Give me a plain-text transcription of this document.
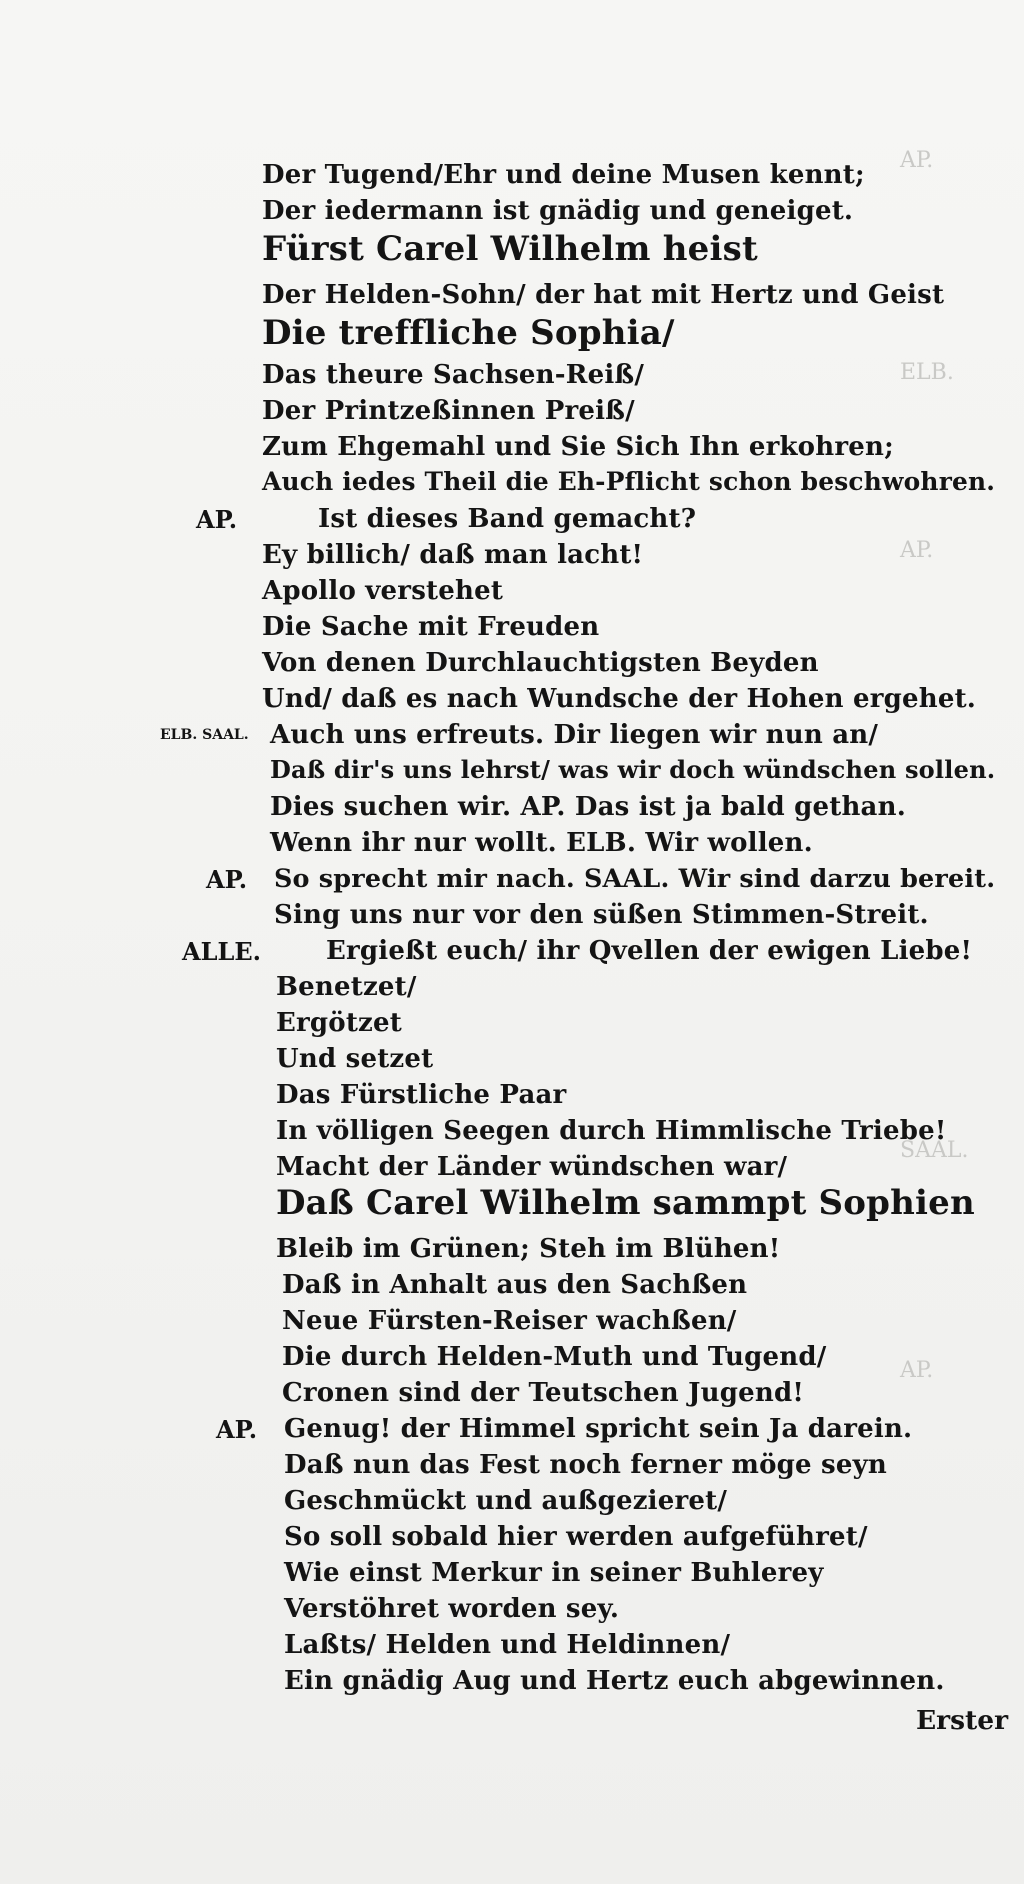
AP.
ELB.
AP.
SAAL.
AP.
Der Tugend/Ehr und deine Musen kennt;
Der iedermann ist gnädig und geneiget.
Fürst Carel Wilhelm heist
Der Helden-Sohn/ der hat mit Hertz und Geist
Die treffliche Sophia/
Das theure Sachsen-Reiß/
Der Printzeßinnen Preiß/
Zum Ehgemahl und Sie Sich Ihn erkohren;
Auch iedes Theil die Eh-Pflicht schon beschwohren.
AP.	Ist dieses Band gemacht?
Ey billich/ daß man lacht!
Apollo verstehet
Die Sache mit Freuden
Von denen Durchlauchtigsten Beyden
Und/ daß es nach Wundsche der Hohen ergehet.
ELB. SAAL. Auch uns erfreuts. Dir liegen wir nun an/
Daß dir's uns lehrst/ was wir doch wündschen sollen.
Dies suchen wir. AP. Das ist ja bald gethan.
Wenn ihr nur wollt. ELB. Wir wollen.
AP. So sprecht mir nach. SAAL. Wir sind darzu bereit.
Sing uns nur vor den süßen Stimmen-Streit.
ALLE. Ergießt euch/ ihr Qvellen der ewigen Liebe!
Benetzet/
Ergötzet
Und setzet
Das Fürstliche Paar
In völligen Seegen durch Himmlische Triebe!
Macht der Länder wündschen war/
Daß Carel Wilhelm sammpt Sophien
Bleib im Grünen; Steh im Blühen!
Daß in Anhalt aus den Sachßen
Neue Fürsten-Reiser wachßen/
Die durch Helden-Muth und Tugend/
Cronen sind der Teutschen Jugend!
AP. Genug! der Himmel spricht sein Ja darein.
Daß nun das Fest noch ferner möge seyn
Geschmückt und außgezieret/
So soll sobald hier werden aufgeführet/
Wie einst Merkur in seiner Buhlerey
Verstöhret worden sey.
Laßts/ Helden und Heldinnen/
Ein gnädig Aug und Hertz euch abgewinnen.
Erster
